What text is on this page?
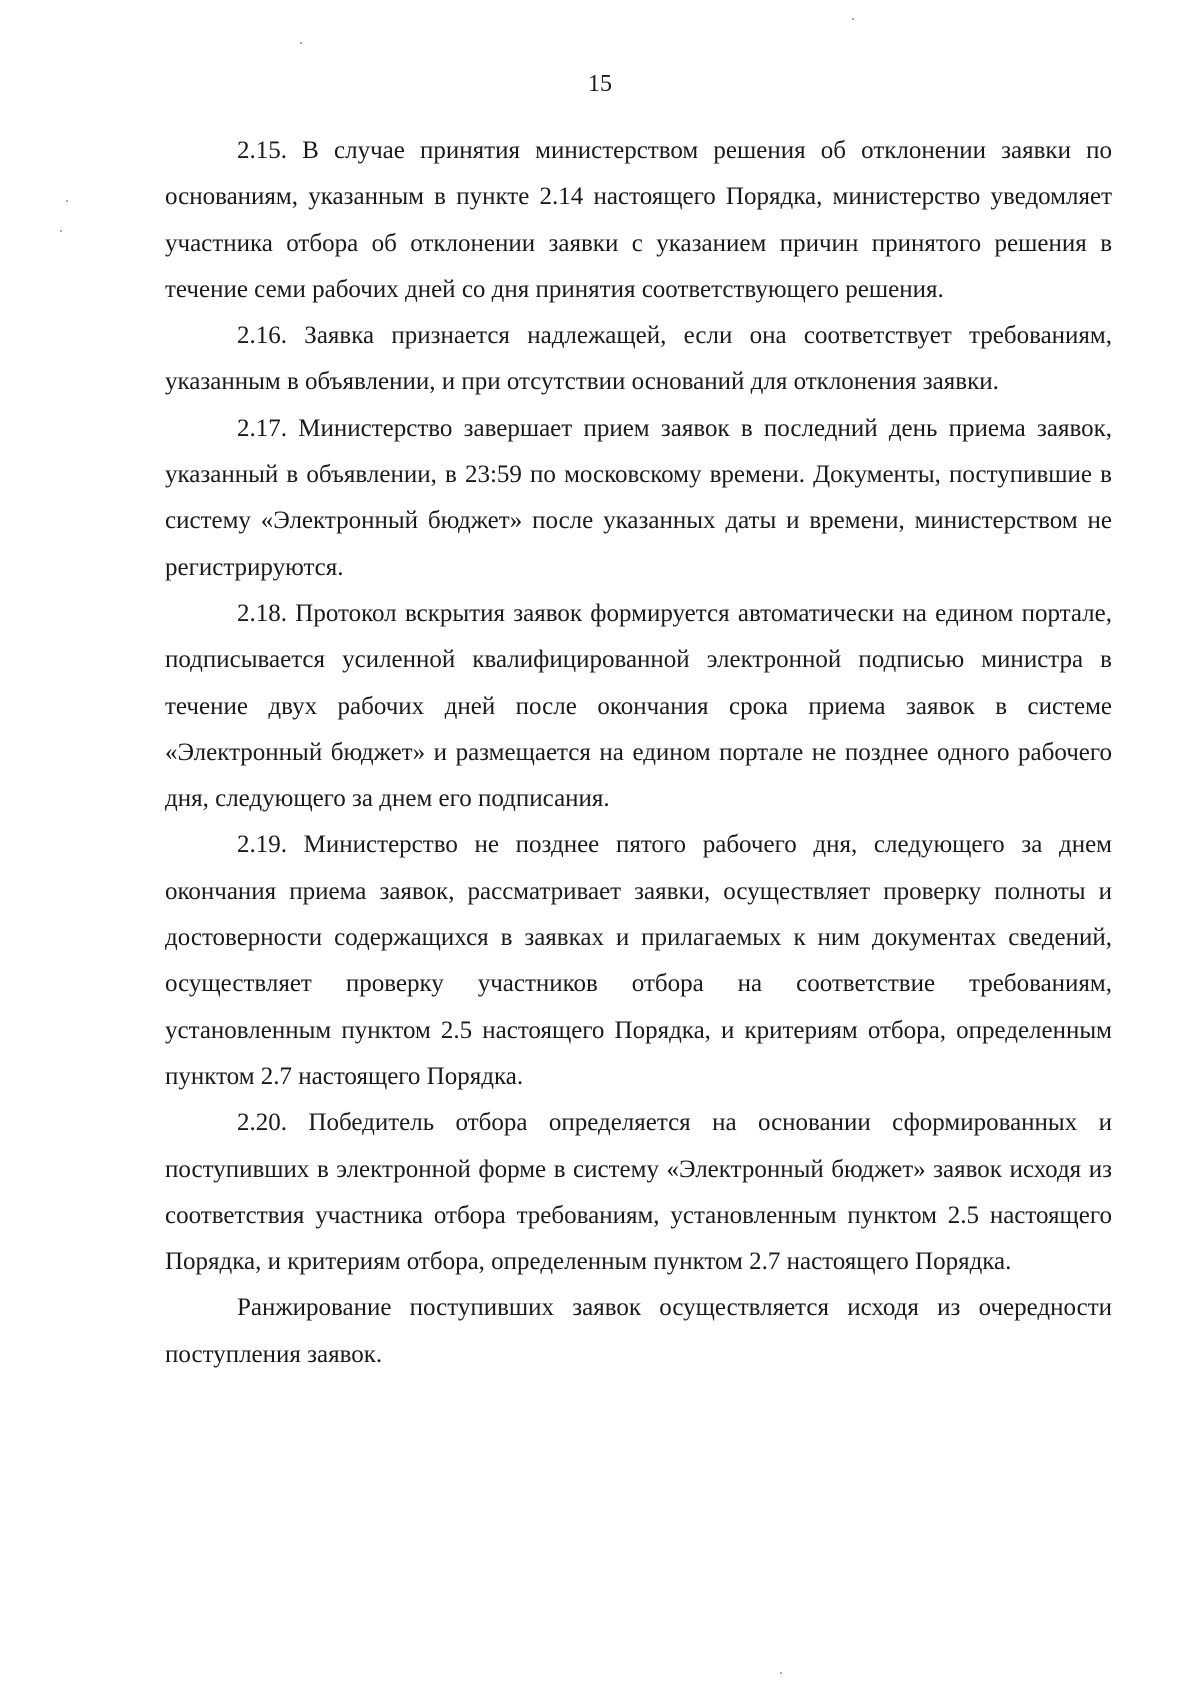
15

2.15. В случае принятия министерством решения об отклонении заявки по основаниям, указанным в пункте 2.14 настоящего Порядка, министерство уведомляет участника отбора об отклонении заявки с указанием причин принятого решения в течение семи рабочих дней со дня принятия соответствующего решения.

2.16. Заявка признается надлежащей, если она соответствует требованиям, указанным в объявлении, и при отсутствии оснований для отклонения заявки.

2.17. Министерство завершает прием заявок в последний день приема заявок, указанный в объявлении, в 23:59 по московскому времени. Документы, поступившие в систему «Электронный бюджет» после указанных даты и времени, министерством не регистрируются.

2.18. Протокол вскрытия заявок формируется автоматически на едином портале, подписывается усиленной квалифицированной электронной подписью министра в течение двух рабочих дней после окончания срока приема заявок в системе «Электронный бюджет» и размещается на едином портале не позднее одного рабочего дня, следующего за днем его подписания.

2.19. Министерство не позднее пятого рабочего дня, следующего за днем окончания приема заявок, рассматривает заявки, осуществляет проверку полноты и достоверности содержащихся в заявках и прилагаемых к ним документах сведений, осуществляет проверку участников отбора на соответствие требованиям, установленным пунктом 2.5 настоящего Порядка, и критериям отбора, определенным пунктом 2.7 настоящего Порядка.

2.20. Победитель отбора определяется на основании сформированных и поступивших в электронной форме в систему «Электронный бюджет» заявок исходя из соответствия участника отбора требованиям, установленным пунктом 2.5 настоящего Порядка, и критериям отбора, определенным пунктом 2.7 настоящего Порядка.

Ранжирование поступивших заявок осуществляется исходя из очередности поступления заявок.
